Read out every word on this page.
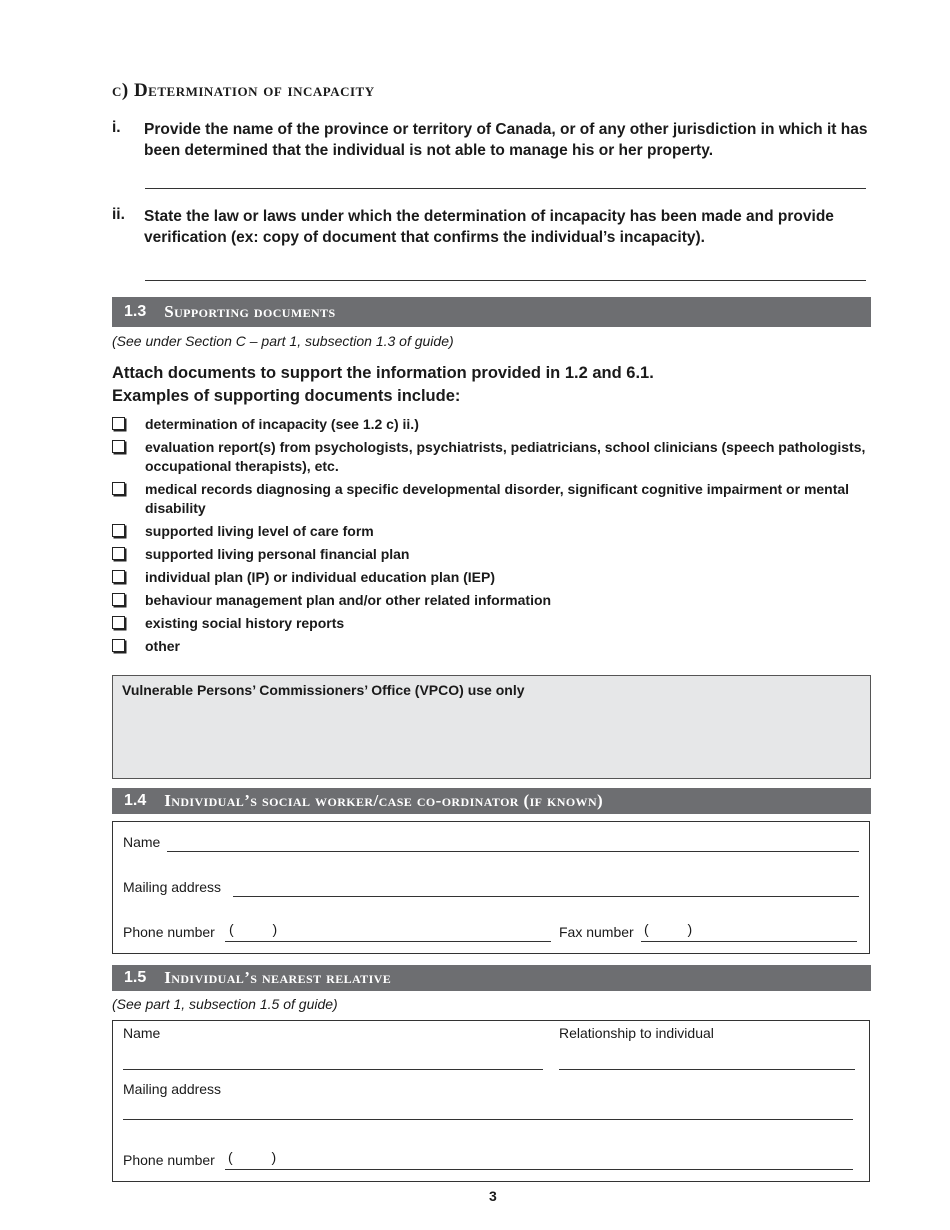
c) Determination of incapacity
i. Provide the name of the province or territory of Canada, or of any other jurisdiction in which it has been determined that the individual is not able to manage his or her property.
ii. State the law or laws under which the determination of incapacity has been made and provide verification (ex: copy of document that confirms the individual’s incapacity).
1.3 Supporting documents
(See under Section C – part 1, subsection 1.3 of guide)
Attach documents to support the information provided in 1.2 and 6.1.
Examples of supporting documents include:
determination of incapacity (see 1.2 c) ii.)
evaluation report(s) from psychologists, psychiatrists, pediatricians, school clinicians (speech pathologists, occupational therapists), etc.
medical records diagnosing a specific developmental disorder, significant cognitive impairment or mental disability
supported living level of care form
supported living personal financial plan
individual plan (IP) or individual education plan (IEP)
behaviour management plan and/or other related information
existing social history reports
other
Vulnerable Persons’ Commissioners’ Office (VPCO) use only
1.4 Individual’s social worker/case co-ordinator (if known)
Name
Mailing address
Phone number (          )	Fax number (          )
1.5 Individual’s nearest relative
(See part 1, subsection 1.5 of guide)
Name	Relationship to individual
Mailing address
Phone number (          )
3
